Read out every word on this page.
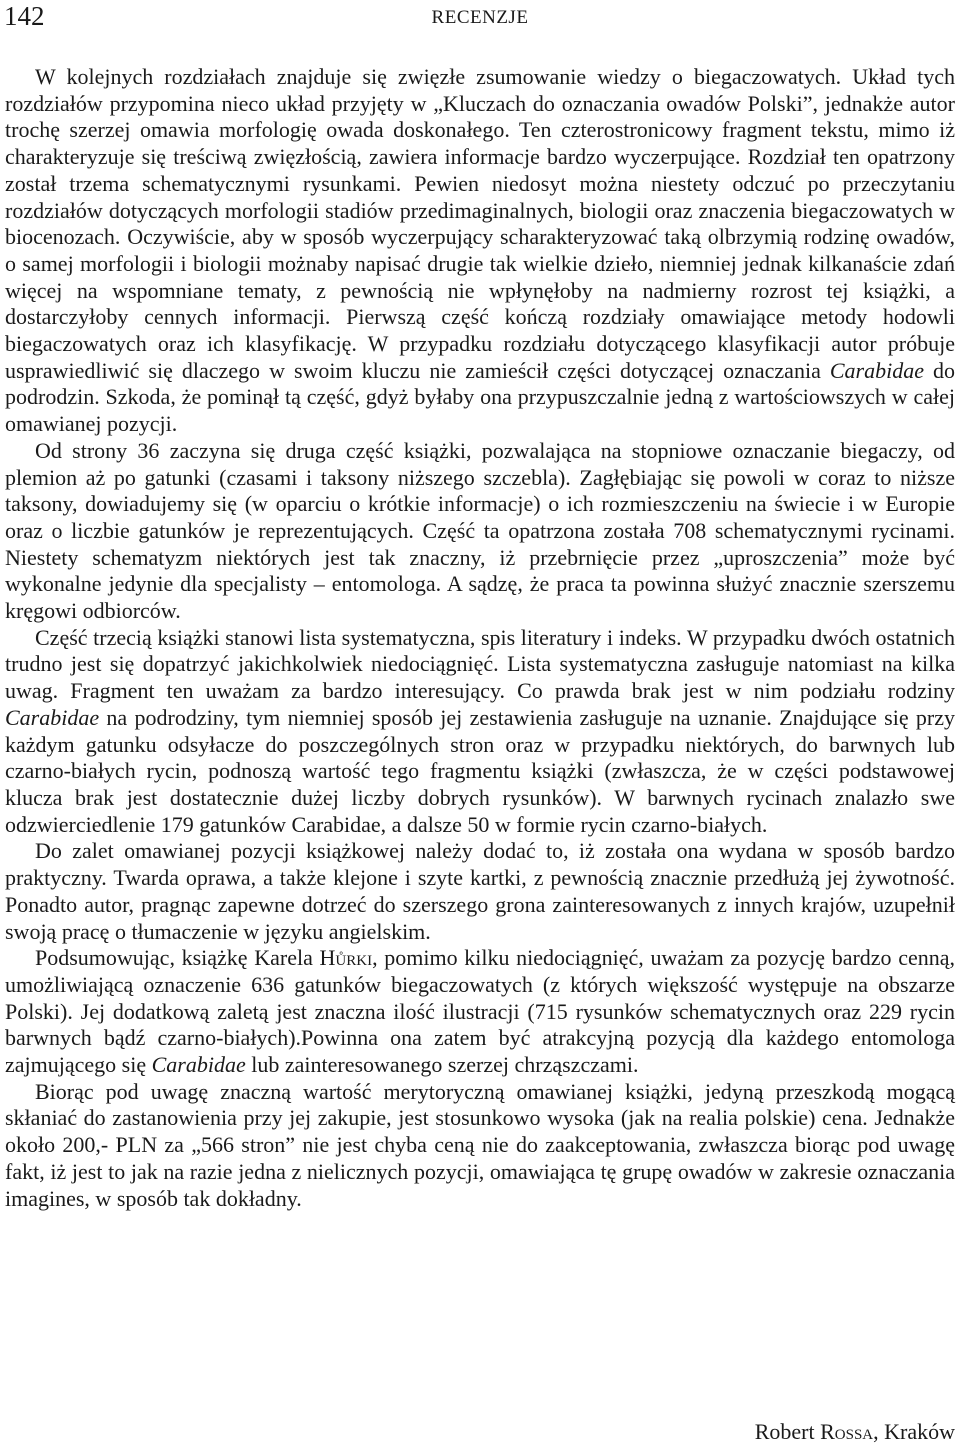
142	RECENZJE

W kolejnych rozdziałach znajduje się zwięzłe zsumowanie wiedzy o biegaczowatych. Układ tych rozdziałów przypomina nieco układ przyjęty w „Kluczach do oznaczania owadów Polski”, jednakże autor trochę szerzej omawia morfologię owada doskonałego. Ten czterostronicowy fragment tekstu, mimo iż charakteryzuje się treściwą zwięzłością, zawiera informacje bardzo wyczerpujące. Rozdział ten opatrzony został trzema schematycznymi rysunkami. Pewien niedosyt można niestety odczuć po przeczytaniu rozdziałów dotyczących morfologii stadiów przedimaginalnych, biologii oraz znaczenia biegaczowatych w biocenozach. Oczywiście, aby w sposób wyczerpujący scharakteryzować taką olbrzymią rodzinę owadów, o samej morfologii i biologii możnaby napisać drugie tak wielkie dzieło, niemniej jednak kilkanaście zdań więcej na wspomniane tematy, z pewnością nie wpłynęłoby na nadmierny rozrost tej książki, a dostarczyłoby cennych informacji. Pierwszą część kończą rozdziały omawiające metody hodowli biegaczowatych oraz ich klasyfikację. W przypadku rozdziału dotyczącego klasyfikacji autor próbuje usprawiedliwić się dlaczego w swoim kluczu nie zamieścił części dotyczącej oznaczania Carabidae do podrodzin. Szkoda, że pominął tą część, gdyż byłaby ona przypuszczalnie jedną z wartościowszych w całej omawianej pozycji.

Od strony 36 zaczyna się druga część książki, pozwalająca na stopniowe oznaczanie biegaczy, od plemion aż po gatunki (czasami i taksony niższego szczebla). Zagłębiając się powoli w coraz to niższe taksony, dowiadujemy się (w oparciu o krótkie informacje) o ich rozmieszczeniu na świecie i w Europie oraz o liczbie gatunków je reprezentujących. Część ta opatrzona została 708 schematycznymi rycinami. Niestety schematyzm niektórych jest tak znaczny, iż przebrnięcie przez „uproszczenia” może być wykonalne jedynie dla specjalisty – entomologa. A sądzę, że praca ta powinna służyć znacznie szerszemu kręgowi odbiorców.

Część trzecią książki stanowi lista systematyczna, spis literatury i indeks. W przypadku dwóch ostatnich trudno jest się dopatrzyć jakichkolwiek niedociągnięć. Lista systematyczna zasługuje natomiast na kilka uwag. Fragment ten uważam za bardzo interesujący. Co prawda brak jest w nim podziału rodziny Carabidae na podrodziny, tym niemniej sposób jej zestawienia zasługuje na uznanie. Znajdujące się przy każdym gatunku odsyłacze do poszczególnych stron oraz w przypadku niektórych, do barwnych lub czarno-białych rycin, podnoszą wartość tego fragmentu książki (zwłaszcza, że w części podstawowej klucza brak jest dostatecznie dużej liczby dobrych rysunków). W barwnych rycinach znalazło swe odzwierciedlenie 179 gatunków Carabidae, a dalsze 50 w formie rycin czarno-białych.

Do zalet omawianej pozycji książkowej należy dodać to, iż została ona wydana w sposób bardzo praktyczny. Twarda oprawa, a także klejone i szyte kartki, z pewnością znacznie przedłużą jej żywotność. Ponadto autor, pragnąc zapewne dotrzeć do szerszego grona zainteresowanych z innych krajów, uzupełnił swoją pracę o tłumaczenie w języku angielskim.

Podsumowując, książkę Karela Hůrki, pomimo kilku niedociągnięć, uważam za pozycję bardzo cenną, umożliwiającą oznaczenie 636 gatunków biegaczowatych (z których większość występuje na obszarze Polski). Jej dodatkową zaletą jest znaczna ilość ilustracji (715 rysunków schematycznych oraz 229 rycin barwnych bądź czarno-białych).Powinna ona zatem być atrakcyjną pozycją dla każdego entomologa zajmującego się Carabidae lub zainteresowanego szerzej chrząszczami.

Biorąc pod uwagę znaczną wartość merytoryczną omawianej książki, jedyną przeszkodą mogącą skłaniać do zastanowienia przy jej zakupie, jest stosunkowo wysoka (jak na realia polskie) cena. Jednakże około 200,- PLN za „566 stron” nie jest chyba ceną nie do zaakceptowania, zwłaszcza biorąc pod uwagę fakt, iż jest to jak na razie jedna z nielicznych pozycji, omawiająca tę grupę owadów w zakresie oznaczania imagines, w sposób tak dokładny.

Robert Rossa, Kraków
